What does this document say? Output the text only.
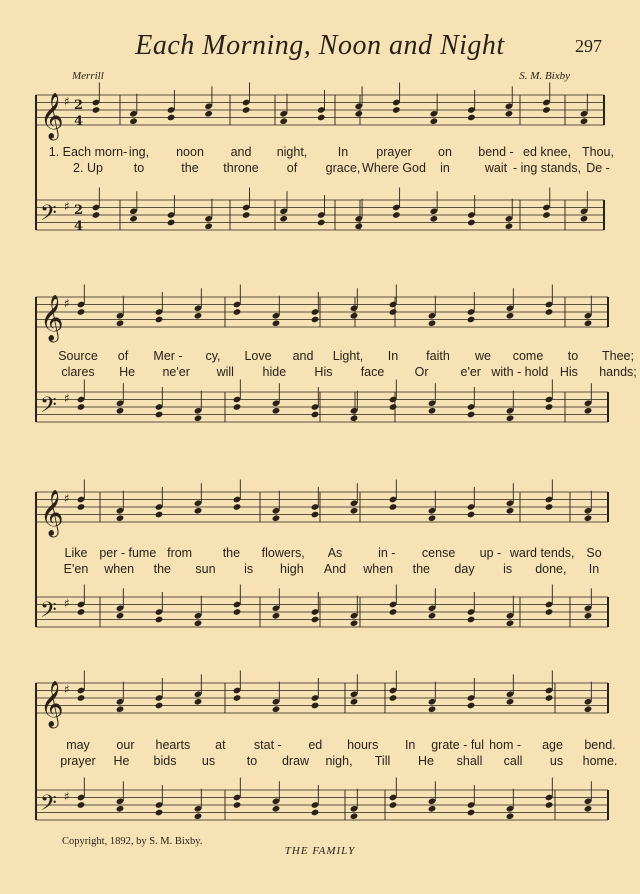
Each Morning, Noon and Night	297
Merrill	S. M. Bixby
𝄞 ♯ 2
4
𝄢 ♯ 2
4
𝄞 ♯
𝄢 ♯
𝄞 ♯
𝄢 ♯
𝄞 ♯
𝄢 ♯
1. Each morn- ing, noon and night, In prayer on bend - ed knee, Thou,
2. Up to	the throne of grace, Where God in	wait - ing stands, De -
Source of Mer - cy, Love and Light, In faith we come to Thee;
clares He ne'er will hide His face Or	e'er with - hold His hands;
Like per - fume from the flowers, As	in - cense up - ward tends, So
E'en when the sun is high And when the day is done, In
may our hearts at stat - ed hours In grate - ful hom - age bend.
prayer He bids us	to draw nigh, Till He shall call us home.
Copyright, 1892, by S. M. Bixby.
THE FAMILY
